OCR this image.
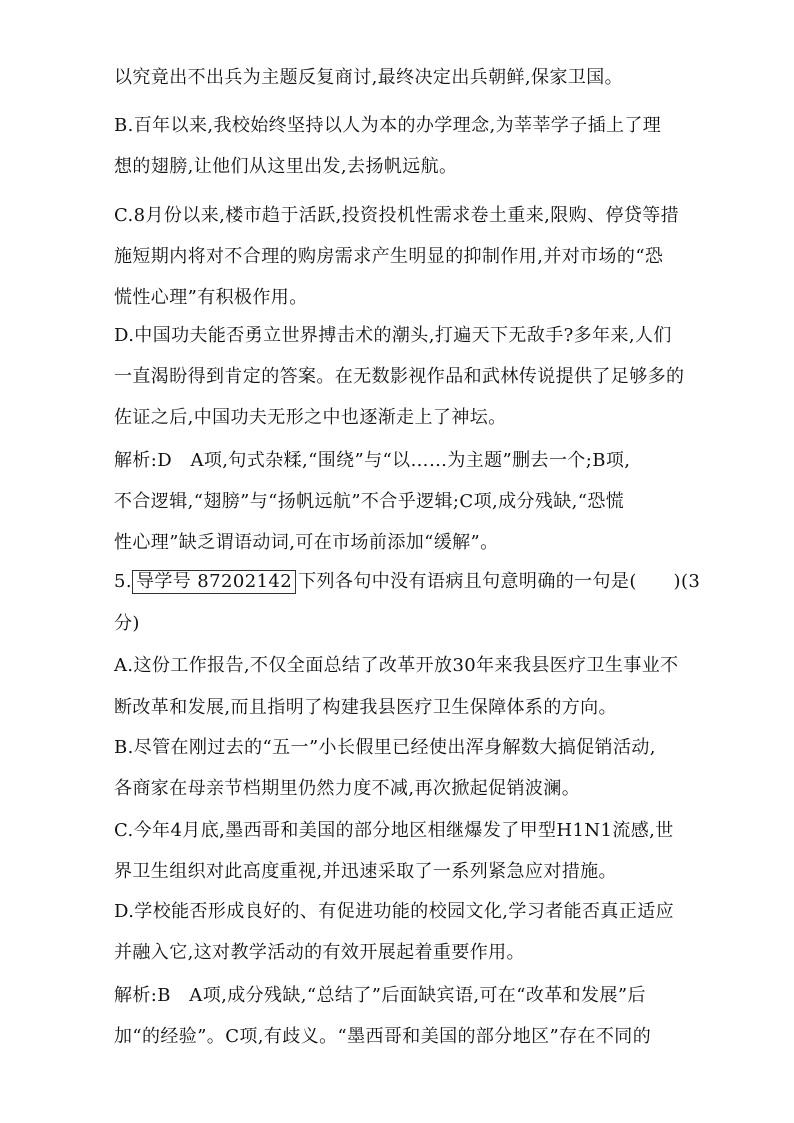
以究竟出不出兵为主题反复商讨,最终决定出兵朝鲜,保家卫国。
B.百年以来,我校始终坚持以人为本的办学理念,为莘莘学子插上了理
想的翅膀,让他们从这里出发,去扬帆远航。
C.8月份以来,楼市趋于活跃,投资投机性需求卷土重来,限购、停贷等措
施短期内将对不合理的购房需求产生明显的抑制作用,并对市场的“恐
慌性心理”有积极作用。
D.中国功夫能否勇立世界搏击术的潮头,打遍天下无敌手?多年来,人们
一直渴盼得到肯定的答案。在无数影视作品和武林传说提供了足够多的
佐证之后,中国功夫无形之中也逐渐走上了神坛。
解析:D　A项,句式杂糅,“围绕”与“以……为主题”删去一个;B项,
不合逻辑,“翅膀”与“扬帆远航”不合乎逻辑;C项,成分残缺,“恐慌
性心理”缺乏谓语动词,可在市场前添加“缓解”。
5. 导学号 87202142 下列各句中没有语病且句意明确的一句是(　　)(3
分)
A.这份工作报告,不仅全面总结了改革开放30年来我县医疗卫生事业不
断改革和发展,而且指明了构建我县医疗卫生保障体系的方向。
B.尽管在刚过去的“五一”小长假里已经使出浑身解数大搞促销活动,
各商家在母亲节档期里仍然力度不减,再次掀起促销波澜。
C.今年4月底,墨西哥和美国的部分地区相继爆发了甲型H1N1流感,世
界卫生组织对此高度重视,并迅速采取了一系列紧急应对措施。
D.学校能否形成良好的、有促进功能的校园文化,学习者能否真正适应
并融入它,这对教学活动的有效开展起着重要作用。
解析:B　A项,成分残缺,“总结了”后面缺宾语,可在“改革和发展”后
加“的经验”。C项,有歧义。“墨西哥和美国的部分地区”存在不同的
